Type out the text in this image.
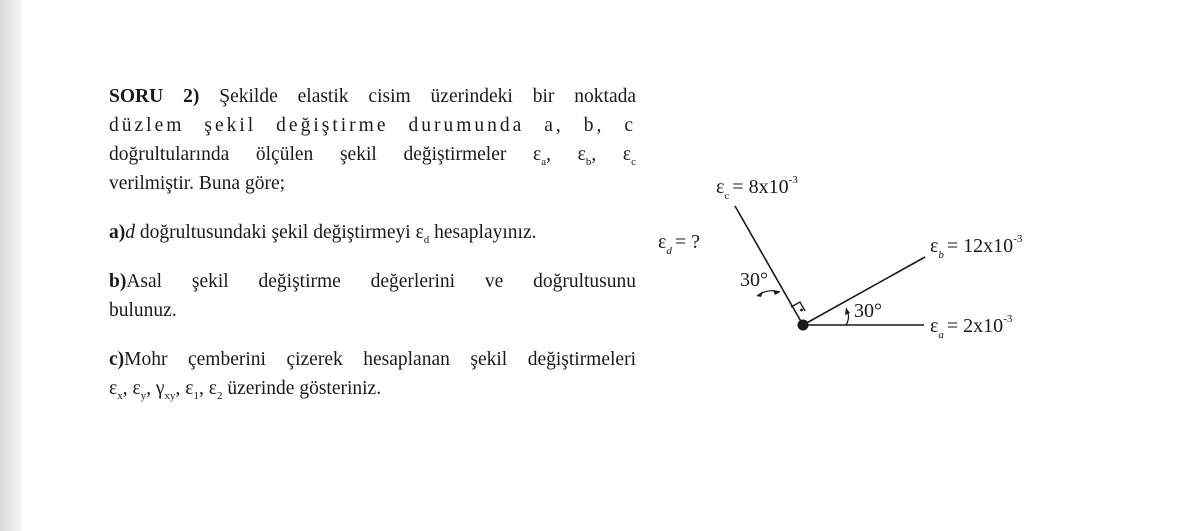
SORU 2) Şekilde elastik cisim üzerindeki bir noktada
düzlem şekil değiştirme durumunda a, b, c
doğrultularında ölçülen şekil değiştirmeler $\varepsilon_a$, $\varepsilon_b$, $\varepsilon_c$
verilmiştir. Buna göre;
a)d doğrultusundaki şekil değiştirmeyi $\varepsilon_d$ hesaplayınız.
b)Asal şekil değiştirme değerlerini ve doğrultusunu
bulunuz.
c)Mohr çemberini çizerek hesaplanan şekil değiştirmeleri
$\varepsilon_x$, $\varepsilon_y$, $\gamma_{xy}$, $\varepsilon_1$, $\varepsilon_2$ üzerinde gösteriniz.
$\varepsilon_c = 8x10^{-3}$
$\varepsilon_d$ = ?	$\varepsilon_b = 12x10^{-3}$
$\varepsilon_a = 2x10^{-3}$
30°
30°
